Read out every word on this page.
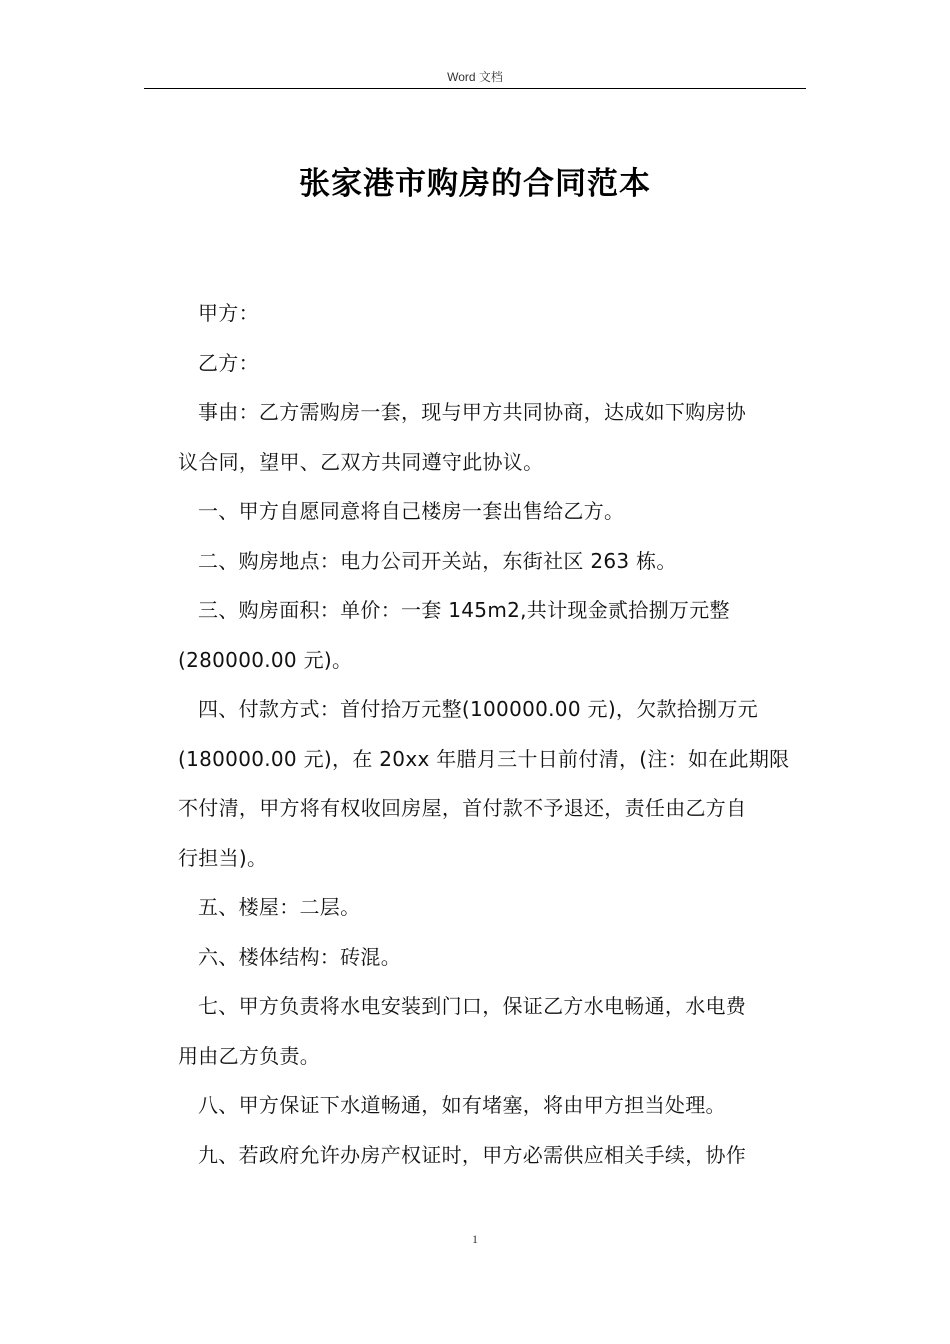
Word 文档
张家港市购房的合同范本

甲方：

乙方：

事由：乙方需购房一套，现与甲方共同协商，达成如下购房协
议合同，望甲、乙双方共同遵守此协议。

一、甲方自愿同意将自己楼房一套出售给乙方。

二、购房地点：电力公司开关站，东街社区 263 栋。

三、购房面积：单价：一套 145m2,共计现金贰拾捌万元整
(280000.00 元)。

四、付款方式：首付拾万元整(100000.00 元)，欠款拾捌万元
(180000.00 元)，在 20xx 年腊月三十日前付清，(注：如在此期限
不付清，甲方将有权收回房屋，首付款不予退还，责任由乙方自
行担当)。

五、楼屋：二层。

六、楼体结构：砖混。

七、甲方负责将水电安装到门口，保证乙方水电畅通，水电费
用由乙方负责。

八、甲方保证下水道畅通，如有堵塞，将由甲方担当处理。

九、若政府允许办房产权证时，甲方必需供应相关手续，协作

1
